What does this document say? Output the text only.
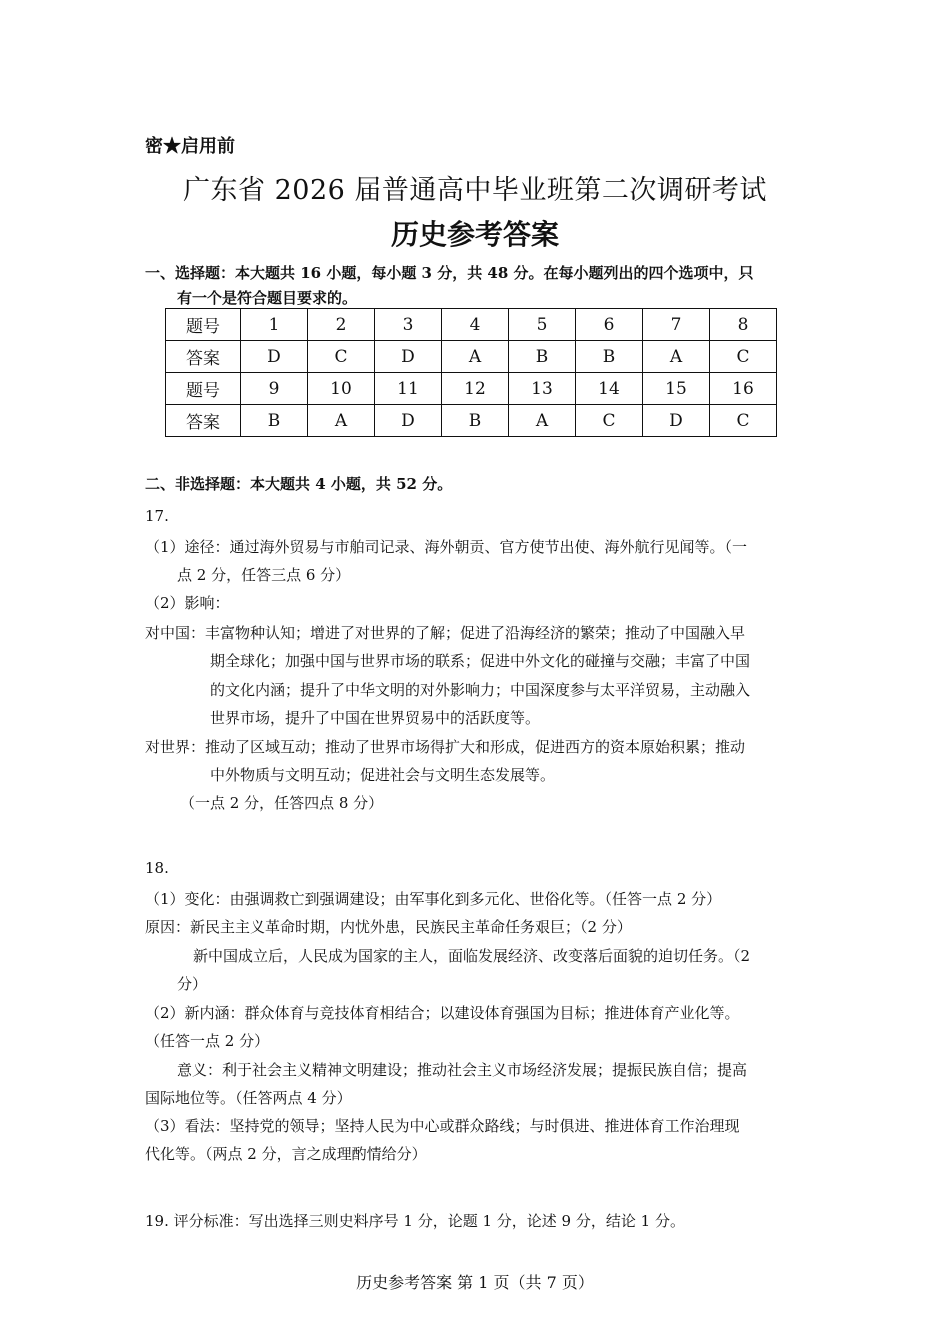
密★启用前
广东省 2026 届普通高中毕业班第二次调研考试
历史参考答案
一、选择题：本大题共 16 小题，每小题 3 分，共 48 分。在每小题列出的四个选项中，只
有一个是符合题目要求的。
题号	1	2	3	4	5	6	7	8
答案	D	C	D	A	B	B	A	C
题号	9	10	11	12	13	14	15	16
答案	B	A	D	B	A	C	D	C
二、非选择题：本大题共 4 小题，共 52 分。
17.
（1）途径：通过海外贸易与市舶司记录、海外朝贡、官方使节出使、海外航行见闻等。（一
点 2 分，任答三点 6 分）
（2）影响：
对中国：丰富物种认知；增进了对世界的了解；促进了沿海经济的繁荣；推动了中国融入早
期全球化；加强中国与世界市场的联系；促进中外文化的碰撞与交融；丰富了中国
的文化内涵；提升了中华文明的对外影响力；中国深度参与太平洋贸易，主动融入
世界市场，提升了中国在世界贸易中的活跃度等。
对世界：推动了区域互动；推动了世界市场得扩大和形成，促进西方的资本原始积累；推动
中外物质与文明互动；促进社会与文明生态发展等。
（一点 2 分，任答四点 8 分）
18.
（1）变化：由强调救亡到强调建设；由军事化到多元化、世俗化等。（任答一点 2 分）
原因：新民主主义革命时期，内忧外患，民族民主革命任务艰巨；（2 分）
新中国成立后，人民成为国家的主人，面临发展经济、改变落后面貌的迫切任务。（2
分）
（2）新内涵：群众体育与竞技体育相结合；以建设体育强国为目标；推进体育产业化等。
（任答一点 2 分）
意义：利于社会主义精神文明建设；推动社会主义市场经济发展；提振民族自信；提高
国际地位等。（任答两点 4 分）
（3）看法：坚持党的领导；坚持人民为中心或群众路线；与时俱进、推进体育工作治理现
代化等。（两点 2 分，言之成理酌情给分）
19. 评分标准：写出选择三则史料序号 1 分，论题 1 分，论述 9 分，结论 1 分。
历史参考答案 第 1 页（共 7 页）
